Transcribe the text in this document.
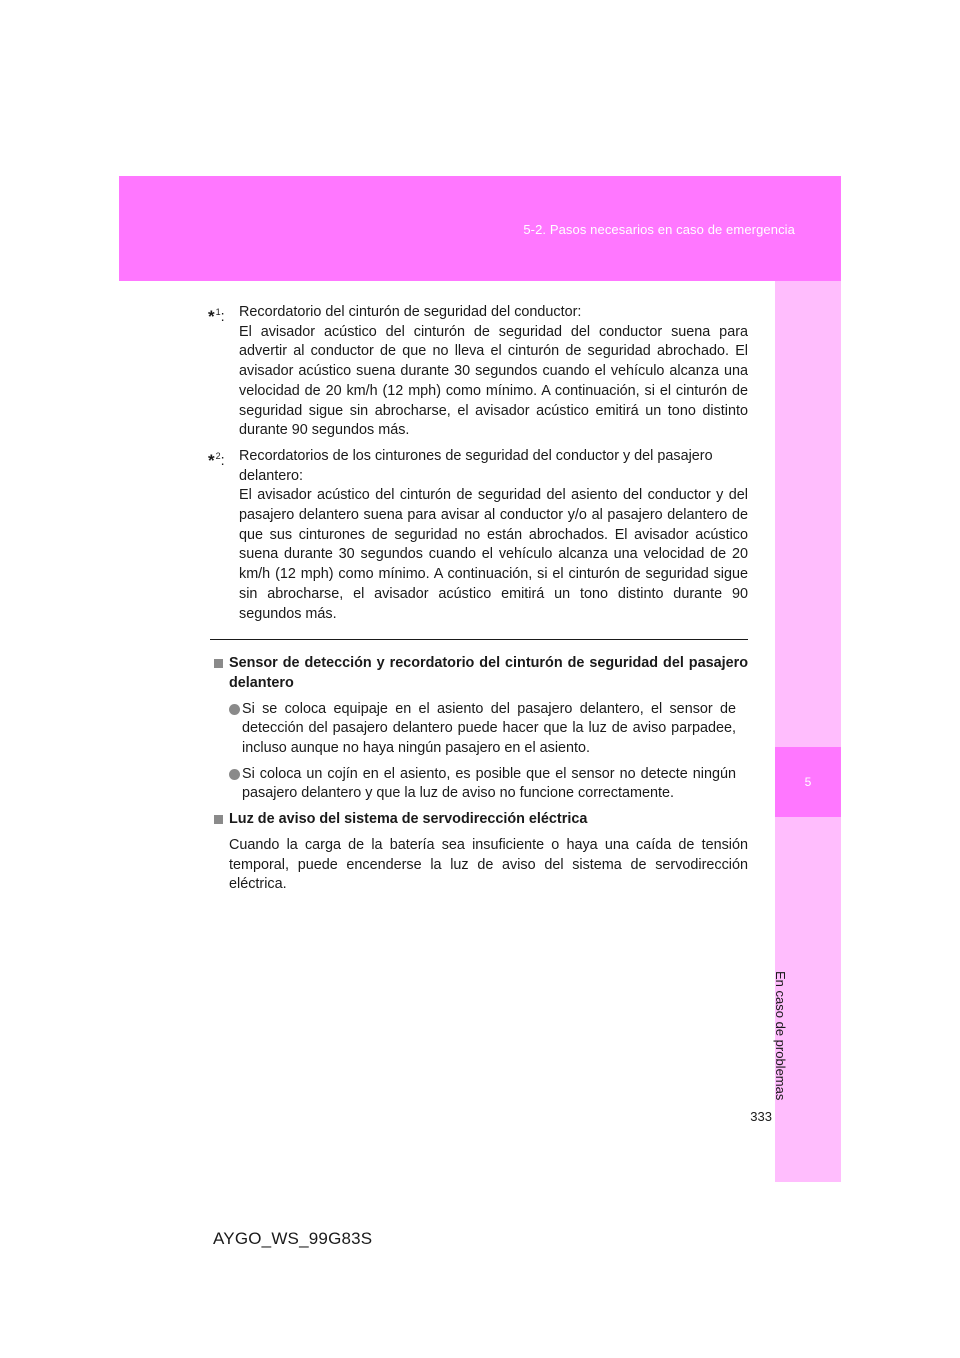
5-2. Pasos necesarios en caso de emergencia
5
En caso de problemas
*$^1$: Recordatorio del cinturón de seguridad del conductor:
El avisador acústico del cinturón de seguridad del conductor suena para advertir al conductor de que no lleva el cinturón de seguridad abrochado. El avisador acústico suena durante 30 segundos cuando el vehículo alcanza una velocidad de 20 km/h (12 mph) como mínimo. A continuación, si el cinturón de seguridad sigue sin abrocharse, el avisador acústico emitirá un tono distinto durante 90 segundos más.
*$^2$: Recordatorios de los cinturones de seguridad del conductor y del pasajero delantero:
El avisador acústico del cinturón de seguridad del asiento del conductor y del pasajero delantero suena para avisar al conductor y/o al pasajero delantero de que sus cinturones de seguridad no están abrochados. El avisador acústico suena durante 30 segundos cuando el vehículo alcanza una velocidad de 20 km/h (12 mph) como mínimo. A continuación, si el cinturón de seguridad sigue sin abrocharse, el avisador acústico emitirá un tono distinto durante 90 segundos más.
Sensor de detección y recordatorio del cinturón de seguridad del pasajero delantero
Si se coloca equipaje en el asiento del pasajero delantero, el sensor de detección del pasajero delantero puede hacer que la luz de aviso parpadee, incluso aunque no haya ningún pasajero en el asiento.
Si coloca un cojín en el asiento, es posible que el sensor no detecte ningún pasajero delantero y que la luz de aviso no funcione correctamente.
Luz de aviso del sistema de servodirección eléctrica
Cuando la carga de la batería sea insuficiente o haya una caída de tensión temporal, puede encenderse la luz de aviso del sistema de servodirección eléctrica.
333
AYGO_WS_99G83S
